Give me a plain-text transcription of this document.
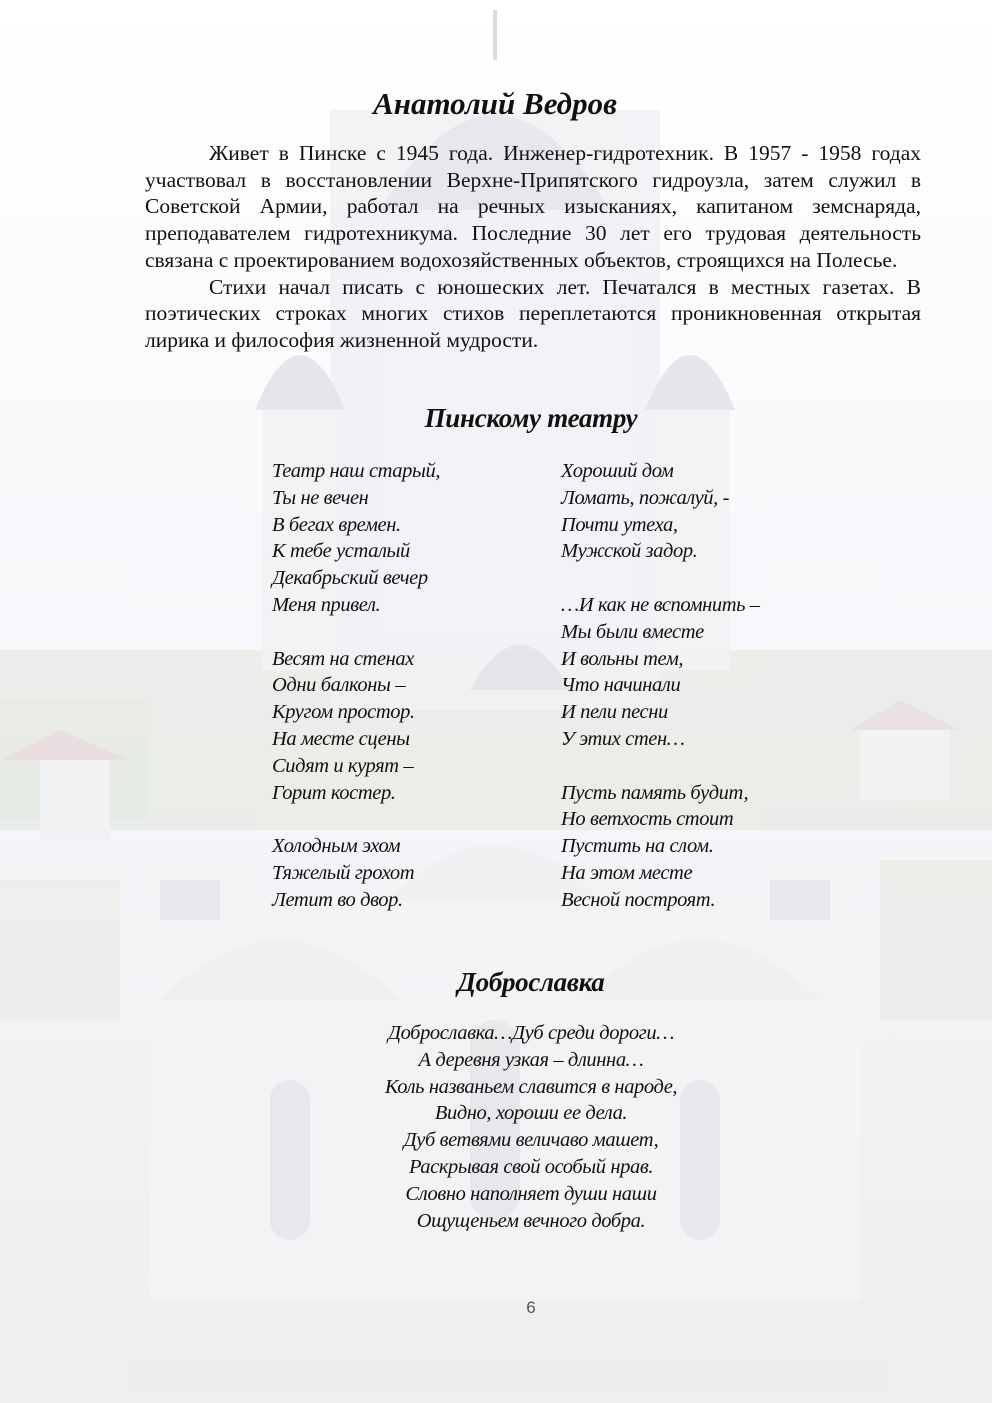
Анатолий Ведров

Живет в Пинске с 1945 года. Инженер-гидротехник. В 1957 - 1958 годах участвовал в восстановлении Верхне-Припятского гидроузла, затем служил в Советской Армии, работал на речных изысканиях, капитаном земснаряда, преподавателем гидротехникума. Последние 30 лет его трудовая деятельность связана с проектированием водохозяйственных объектов, строящихся на Полесье.

Стихи начал писать с юношеских лет. Печатался в местных газетах. В поэтических строках многих стихов переплетаются проникновенная открытая лирика и философия жизненной мудрости.

Пинскому театру
Театр наш старый,
Ты не вечен
В бегах времен.
К тебе усталый
Декабрьский вечер
Меня привел.
Весят на стенах
Одни балконы –
Кругом простор.
На месте сцены
Сидят и курят –
Горит костер.
Холодным эхом
Тяжелый грохот
Летит во двор.
Хороший дом
Ломать, пожалуй, -
Почти утеха,
Мужской задор.
…И как не вспомнить –
Мы были вместе
И вольны тем,
Что начинали
И пели песни
У этих стен…
Пусть память будит,
Но ветхость стоит
Пустить на слом.
На этом месте
Весной построят.
Доброславка
Доброславка…Дуб среди дороги…
А деревня узкая – длинна…
Коль названьем славится в народе,
Видно, хороши ее дела.
Дуб ветвями величаво машет,
Раскрывая свой особый нрав.
Словно наполняет души наши
Ощущеньем вечного добра.
6
